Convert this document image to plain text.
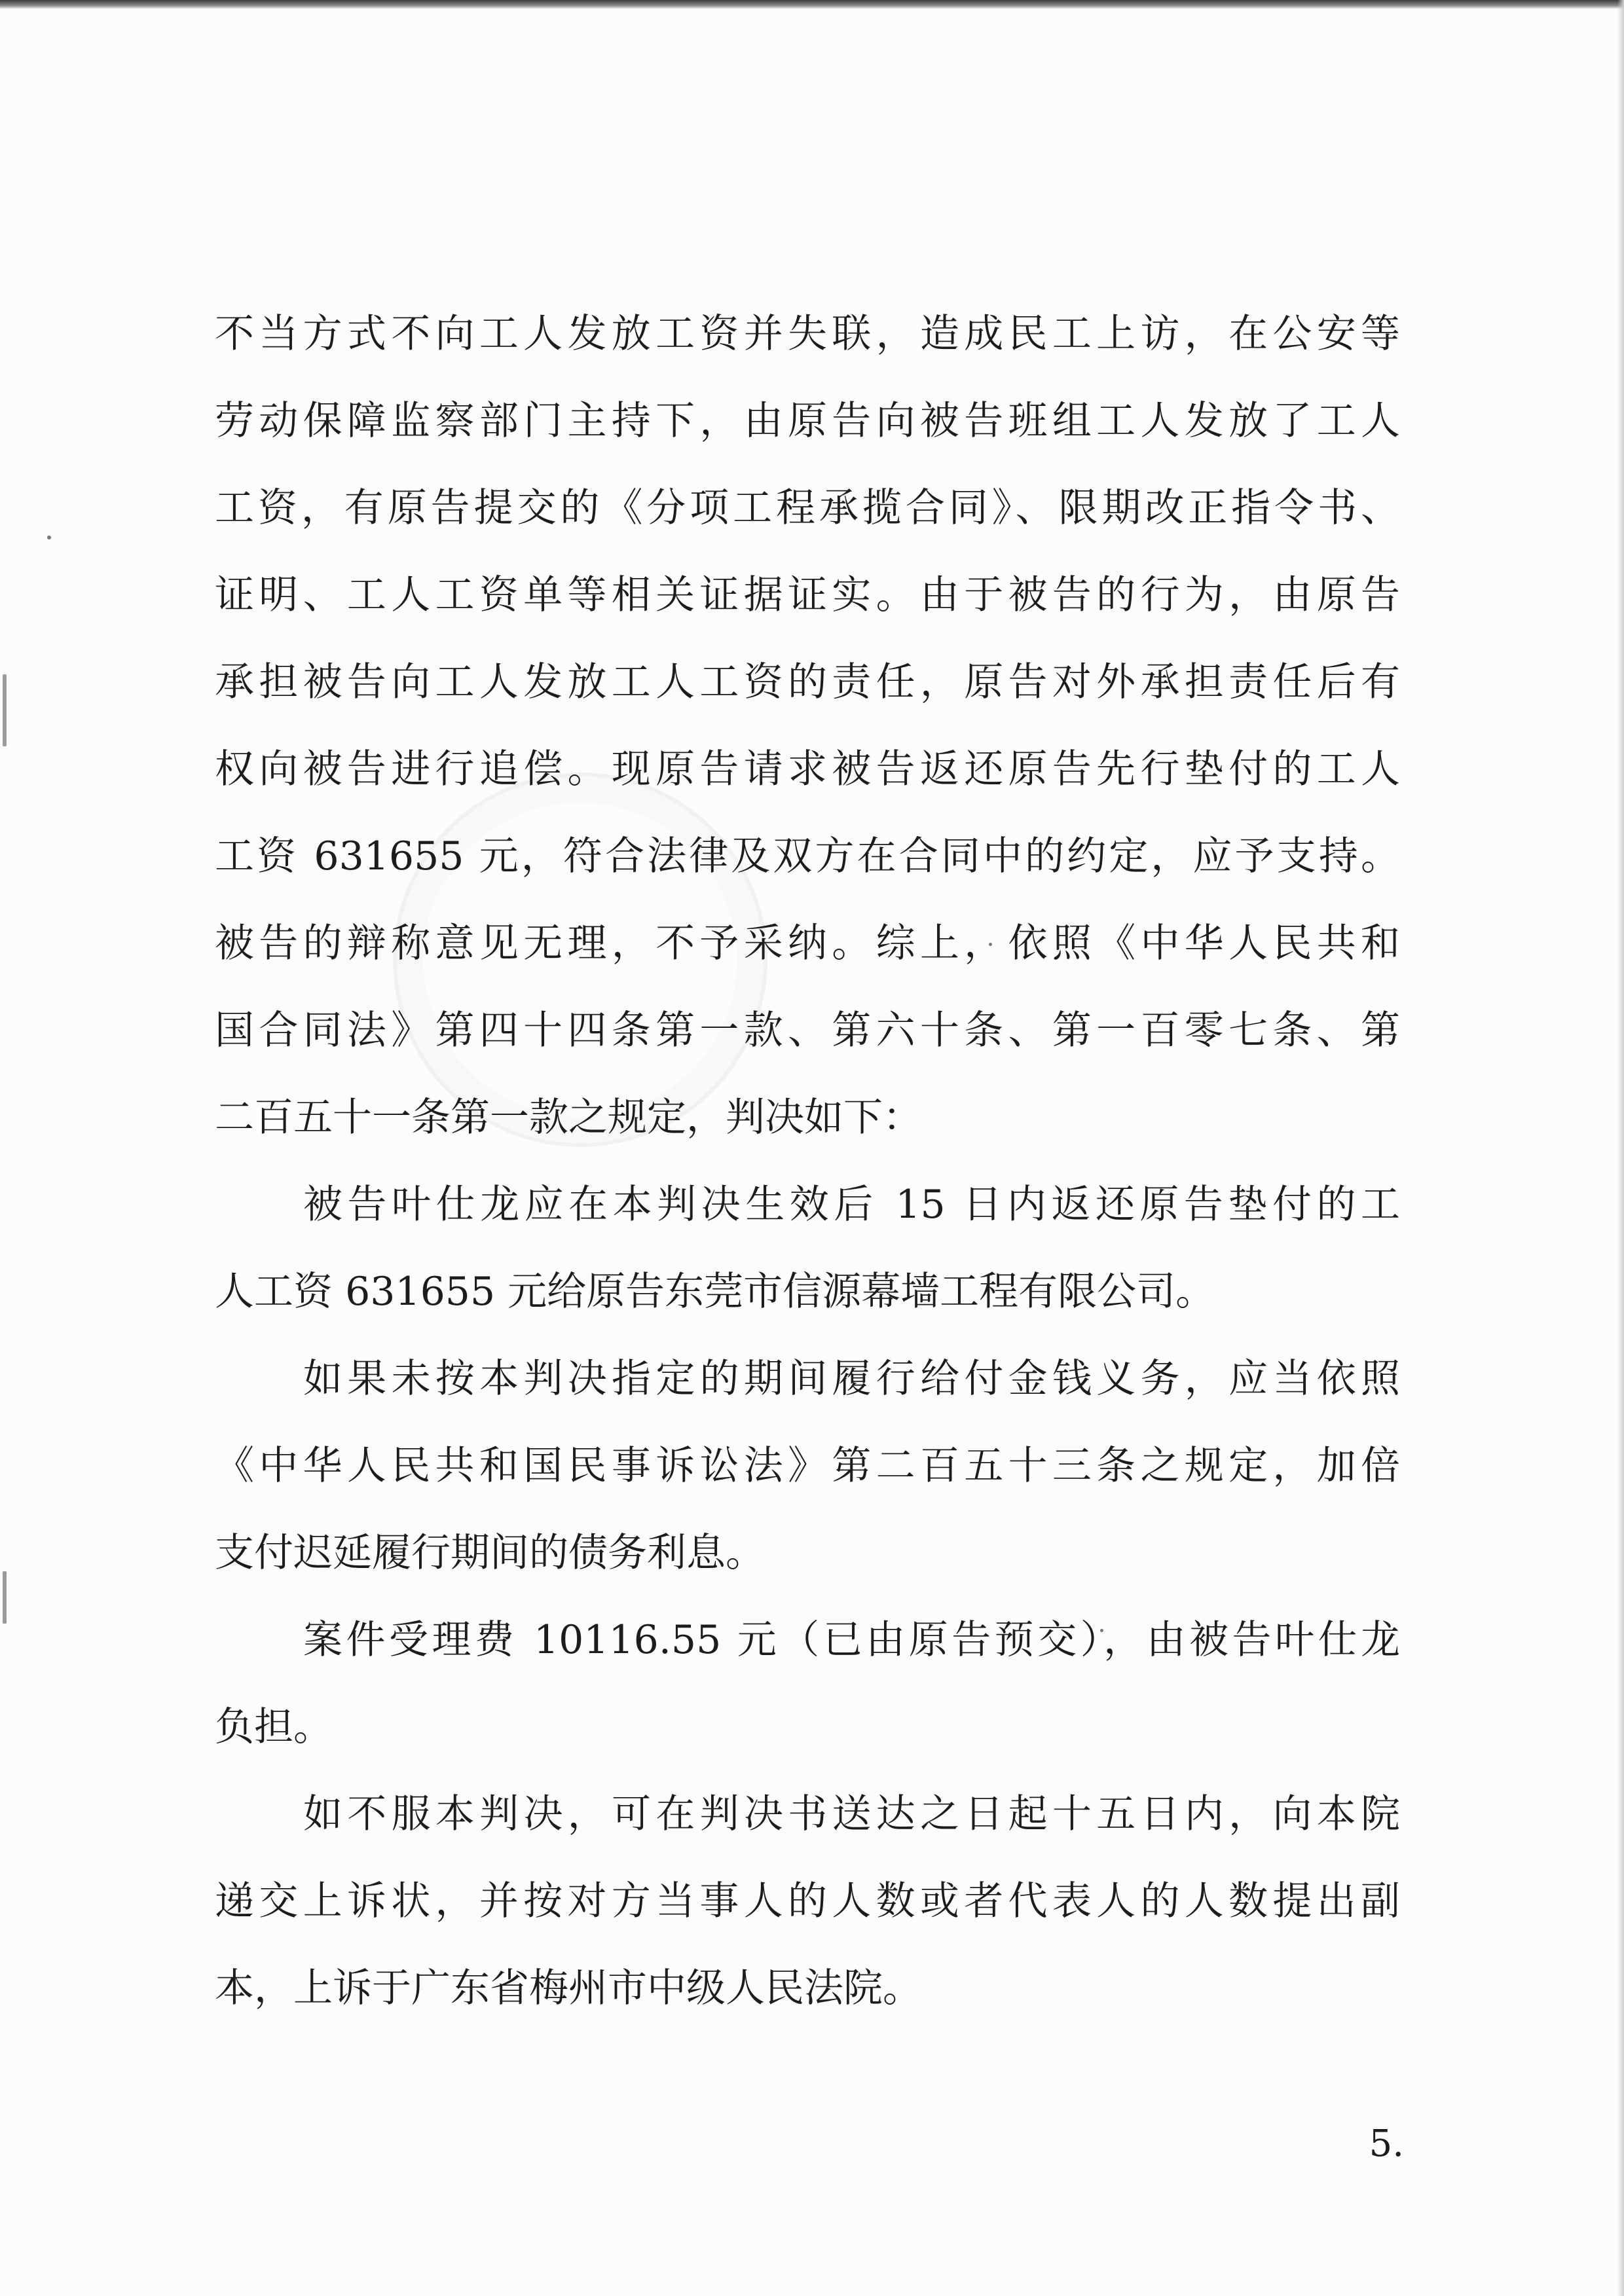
不当方式不向工人发放工资并失联，造成民工上访，在公安等
劳动保障监察部门主持下，由原告向被告班组工人发放了工人
工资，有原告提交的《分项工程承揽合同》、限期改正指令书、
证明、工人工资单等相关证据证实。由于被告的行为，由原告
承担被告向工人发放工人工资的责任，原告对外承担责任后有
权向被告进行追偿。现原告请求被告返还原告先行垫付的工人
工资 631655 元，符合法律及双方在合同中的约定，应予支持。
被告的辩称意见无理，不予采纳。综上，依照《中华人民共和
国合同法》第四十四条第一款、第六十条、第一百零七条、第
二百五十一条第一款之规定，判决如下：
被告叶仕龙应在本判决生效后 15 日内返还原告垫付的工
人工资 631655 元给原告东莞市信源幕墙工程有限公司。
如果未按本判决指定的期间履行给付金钱义务，应当依照
《中华人民共和国民事诉讼法》第二百五十三条之规定，加倍
支付迟延履行期间的债务利息。
案件受理费 10116.55 元（已由原告预交），由被告叶仕龙
负担。
如不服本判决，可在判决书送达之日起十五日内，向本院
递交上诉状，并按对方当事人的人数或者代表人的人数提出副
本，上诉于广东省梅州市中级人民法院。
5.
